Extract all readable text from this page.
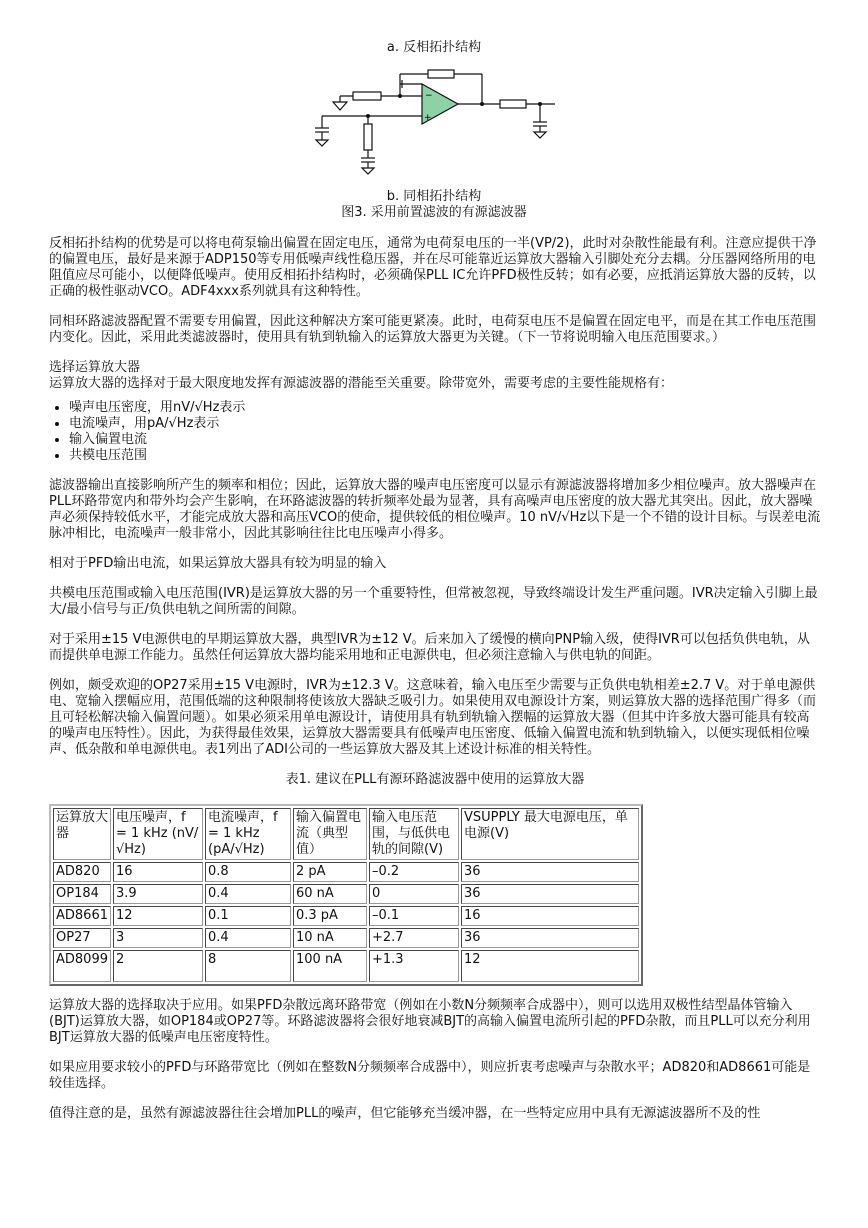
a. 反相拓扑结构
−
+
b. 同相拓扑结构
图3. 采用前置滤波的有源滤波器

反相拓扑结构的优势是可以将电荷泵输出偏置在固定电压，通常为电荷泵电压的一半(VP/2)，此时对杂散性能最有利。注意应提供干净的偏置电压，最好是来源于ADP150等专用低噪声线性稳压器，并在尽可能靠近运算放大器输入引脚处充分去耦。分压器网络所用的电阻值应尽可能小，以便降低噪声。使用反相拓扑结构时，必须确保PLL IC允许PFD极性反转；如有必要，应抵消运算放大器的反转，以正确的极性驱动VCO。ADF4xxx系列就具有这种特性。

同相环路滤波器配置不需要专用偏置，因此这种解决方案可能更紧凑。此时，电荷泵电压不是偏置在固定电平，而是在其工作电压范围内变化。因此，采用此类滤波器时，使用具有轨到轨输入的运算放大器更为关键。（下一节将说明输入电压范围要求。）

选择运算放大器
运算放大器的选择对于最大限度地发挥有源滤波器的潜能至关重要。除带宽外，需要考虑的主要性能规格有：
• 噪声电压密度，用nV/√Hz表示
• 电流噪声，用pA/√Hz表示
• 输入偏置电流
• 共模电压范围

滤波器输出直接影响所产生的频率和相位；因此，运算放大器的噪声电压密度可以显示有源滤波器将增加多少相位噪声。放大器噪声在PLL环路带宽内和带外均会产生影响，在环路滤波器的转折频率处最为显著，具有高噪声电压密度的放大器尤其突出。因此，放大器噪声必须保持较低水平，才能完成放大器和高压VCO的使命，提供较低的相位噪声。10 nV/√Hz以下是一个不错的设计目标。与误差电流脉冲相比，电流噪声一般非常小，因此其影响往往比电压噪声小得多。

相对于PFD输出电流，如果运算放大器具有较为明显的输入

共模电压范围或输入电压范围(IVR)是运算放大器的另一个重要特性，但常被忽视，导致终端设计发生严重问题。IVR决定输入引脚上最大/最小信号与正/负供电轨之间所需的间隙。

对于采用±15 V电源供电的早期运算放大器，典型IVR为±12 V。后来加入了缓慢的横向PNP输入级，使得IVR可以包括负供电轨，从而提供单电源工作能力。虽然任何运算放大器均能采用地和正电源供电，但必须注意输入与供电轨的间距。

例如，颇受欢迎的OP27采用±15 V电源时，IVR为±12.3 V。这意味着，输入电压至少需要与正负供电轨相差±2.7 V。对于单电源供电、宽输入摆幅应用，范围低端的这种限制将使该放大器缺乏吸引力。如果使用双电源设计方案，则运算放大器的选择范围广得多（而且可轻松解决输入偏置问题）。如果必须采用单电源设计，请使用具有轨到轨输入摆幅的运算放大器（但其中许多放大器可能具有较高的噪声电压特性）。因此，为获得最佳效果，运算放大器需要具有低噪声电压密度、低输入偏置电流和轨到轨输入，以便实现低相位噪声、低杂散和单电源供电。表1列出了ADI公司的一些运算放大器及其上述设计标准的相关特性。

表1. 建议在PLL有源环路滤波器中使用的运算放大器
运算放大器	电压噪声，f = 1 kHz (nV/√Hz)	电流噪声，f = 1 kHz (pA/√Hz)	输入偏置电流（典型值）	输入电压范围，与低供电轨的间隙(V)	VSUPPLY 最大电源电压，单电源(V)
AD820	16	0.8	2 pA	–0.2	36
OP184	3.9	0.4	60 nA	0	36
AD8661	12	0.1	0.3 pA	–0.1	16
OP27	3	0.4	10 nA	+2.7	36
AD8099	2	8	100 nA	+1.3	12

运算放大器的选择取决于应用。如果PFD杂散远离环路带宽（例如在小数N分频频率合成器中），则可以选用双极性结型晶体管输入(BJT)运算放大器，如OP184或OP27等。环路滤波器将会很好地衰减BJT的高输入偏置电流所引起的PFD杂散，而且PLL可以充分利用BJT运算放大器的低噪声电压密度特性。

如果应用要求较小的PFD与环路带宽比（例如在整数N分频频率合成器中），则应折衷考虑噪声与杂散水平；AD820和AD8661可能是较佳选择。

值得注意的是，虽然有源滤波器往往会增加PLL的噪声，但它能够充当缓冲器，在一些特定应用中具有无源滤波器所不及的性
